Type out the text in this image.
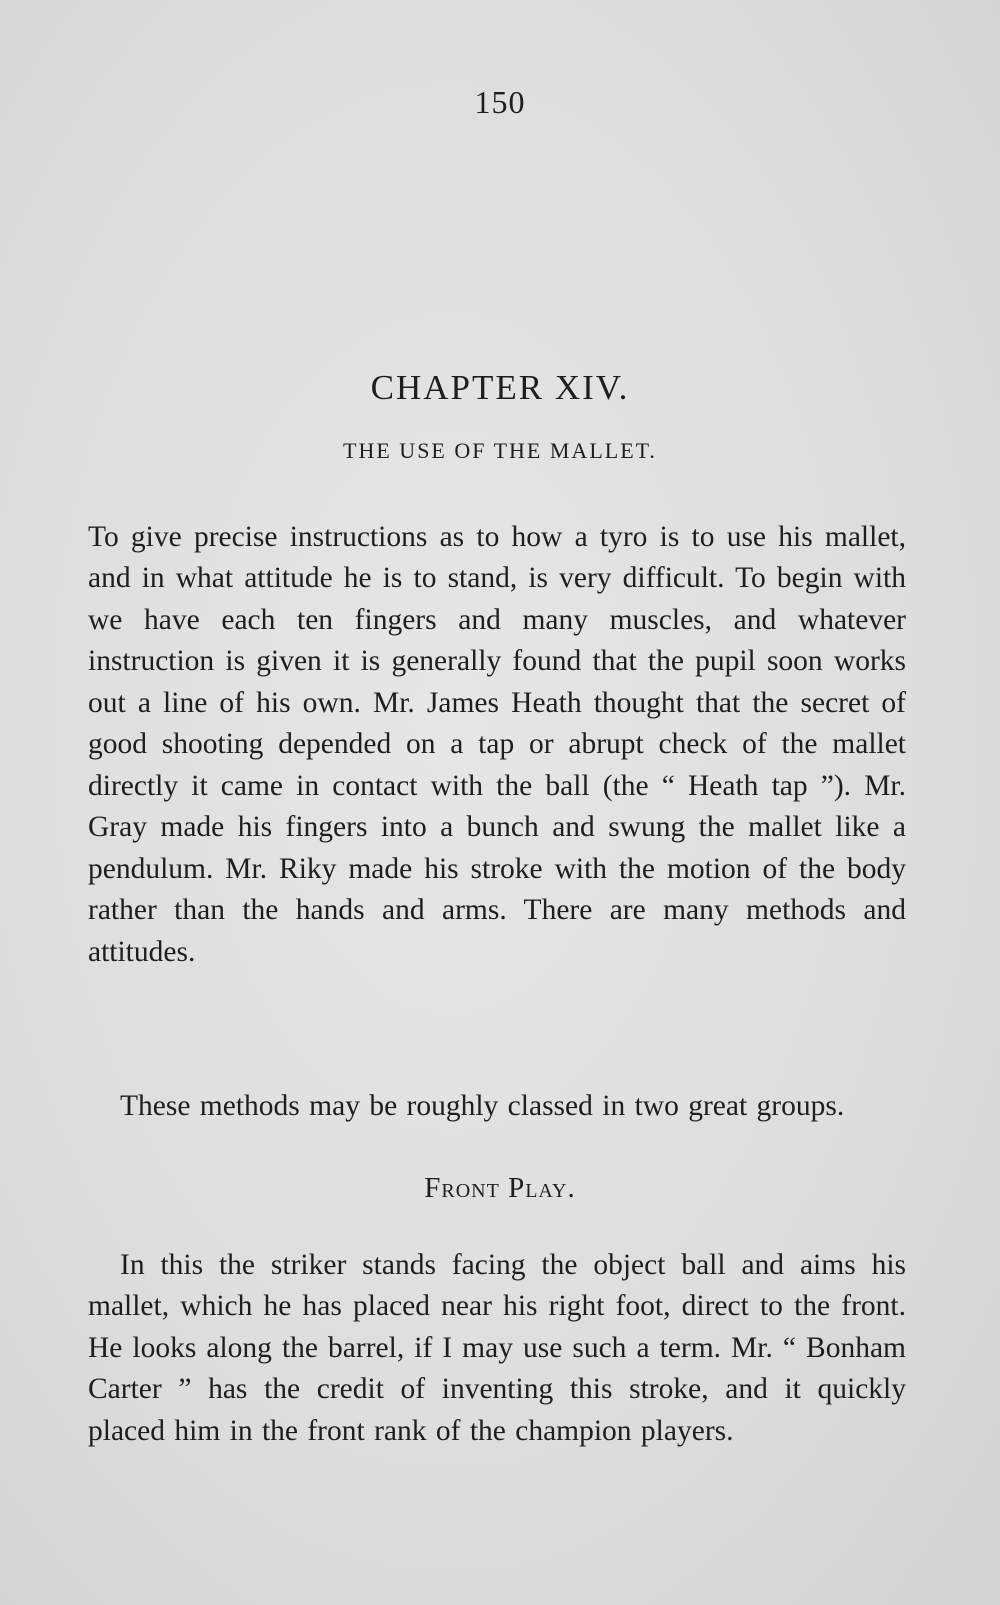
150
CHAPTER XIV.
THE USE OF THE MALLET.

To give precise instructions as to how a tyro is to use his mallet, and in what attitude he is to stand, is very difficult. To begin with we have each ten fingers and many muscles, and whatever instruction is given it is generally found that the pupil soon works out a line of his own. Mr. James Heath thought that the secret of good shooting depended on a tap or abrupt check of the mallet directly it came in contact with the ball (the “ Heath tap ”). Mr. Gray made his fingers into a bunch and swung the mallet like a pendulum. Mr. Riky made his stroke with the motion of the body rather than the hands and arms. There are many methods and attitudes.

These methods may be roughly classed in two great groups.

Front Play.

In this the striker stands facing the object ball and aims his mallet, which he has placed near his right foot, direct to the front. He looks along the barrel, if I may use such a term. Mr. “ Bonham Carter ” has the credit of inventing this stroke, and it quickly placed him in the front rank of the champion players.
